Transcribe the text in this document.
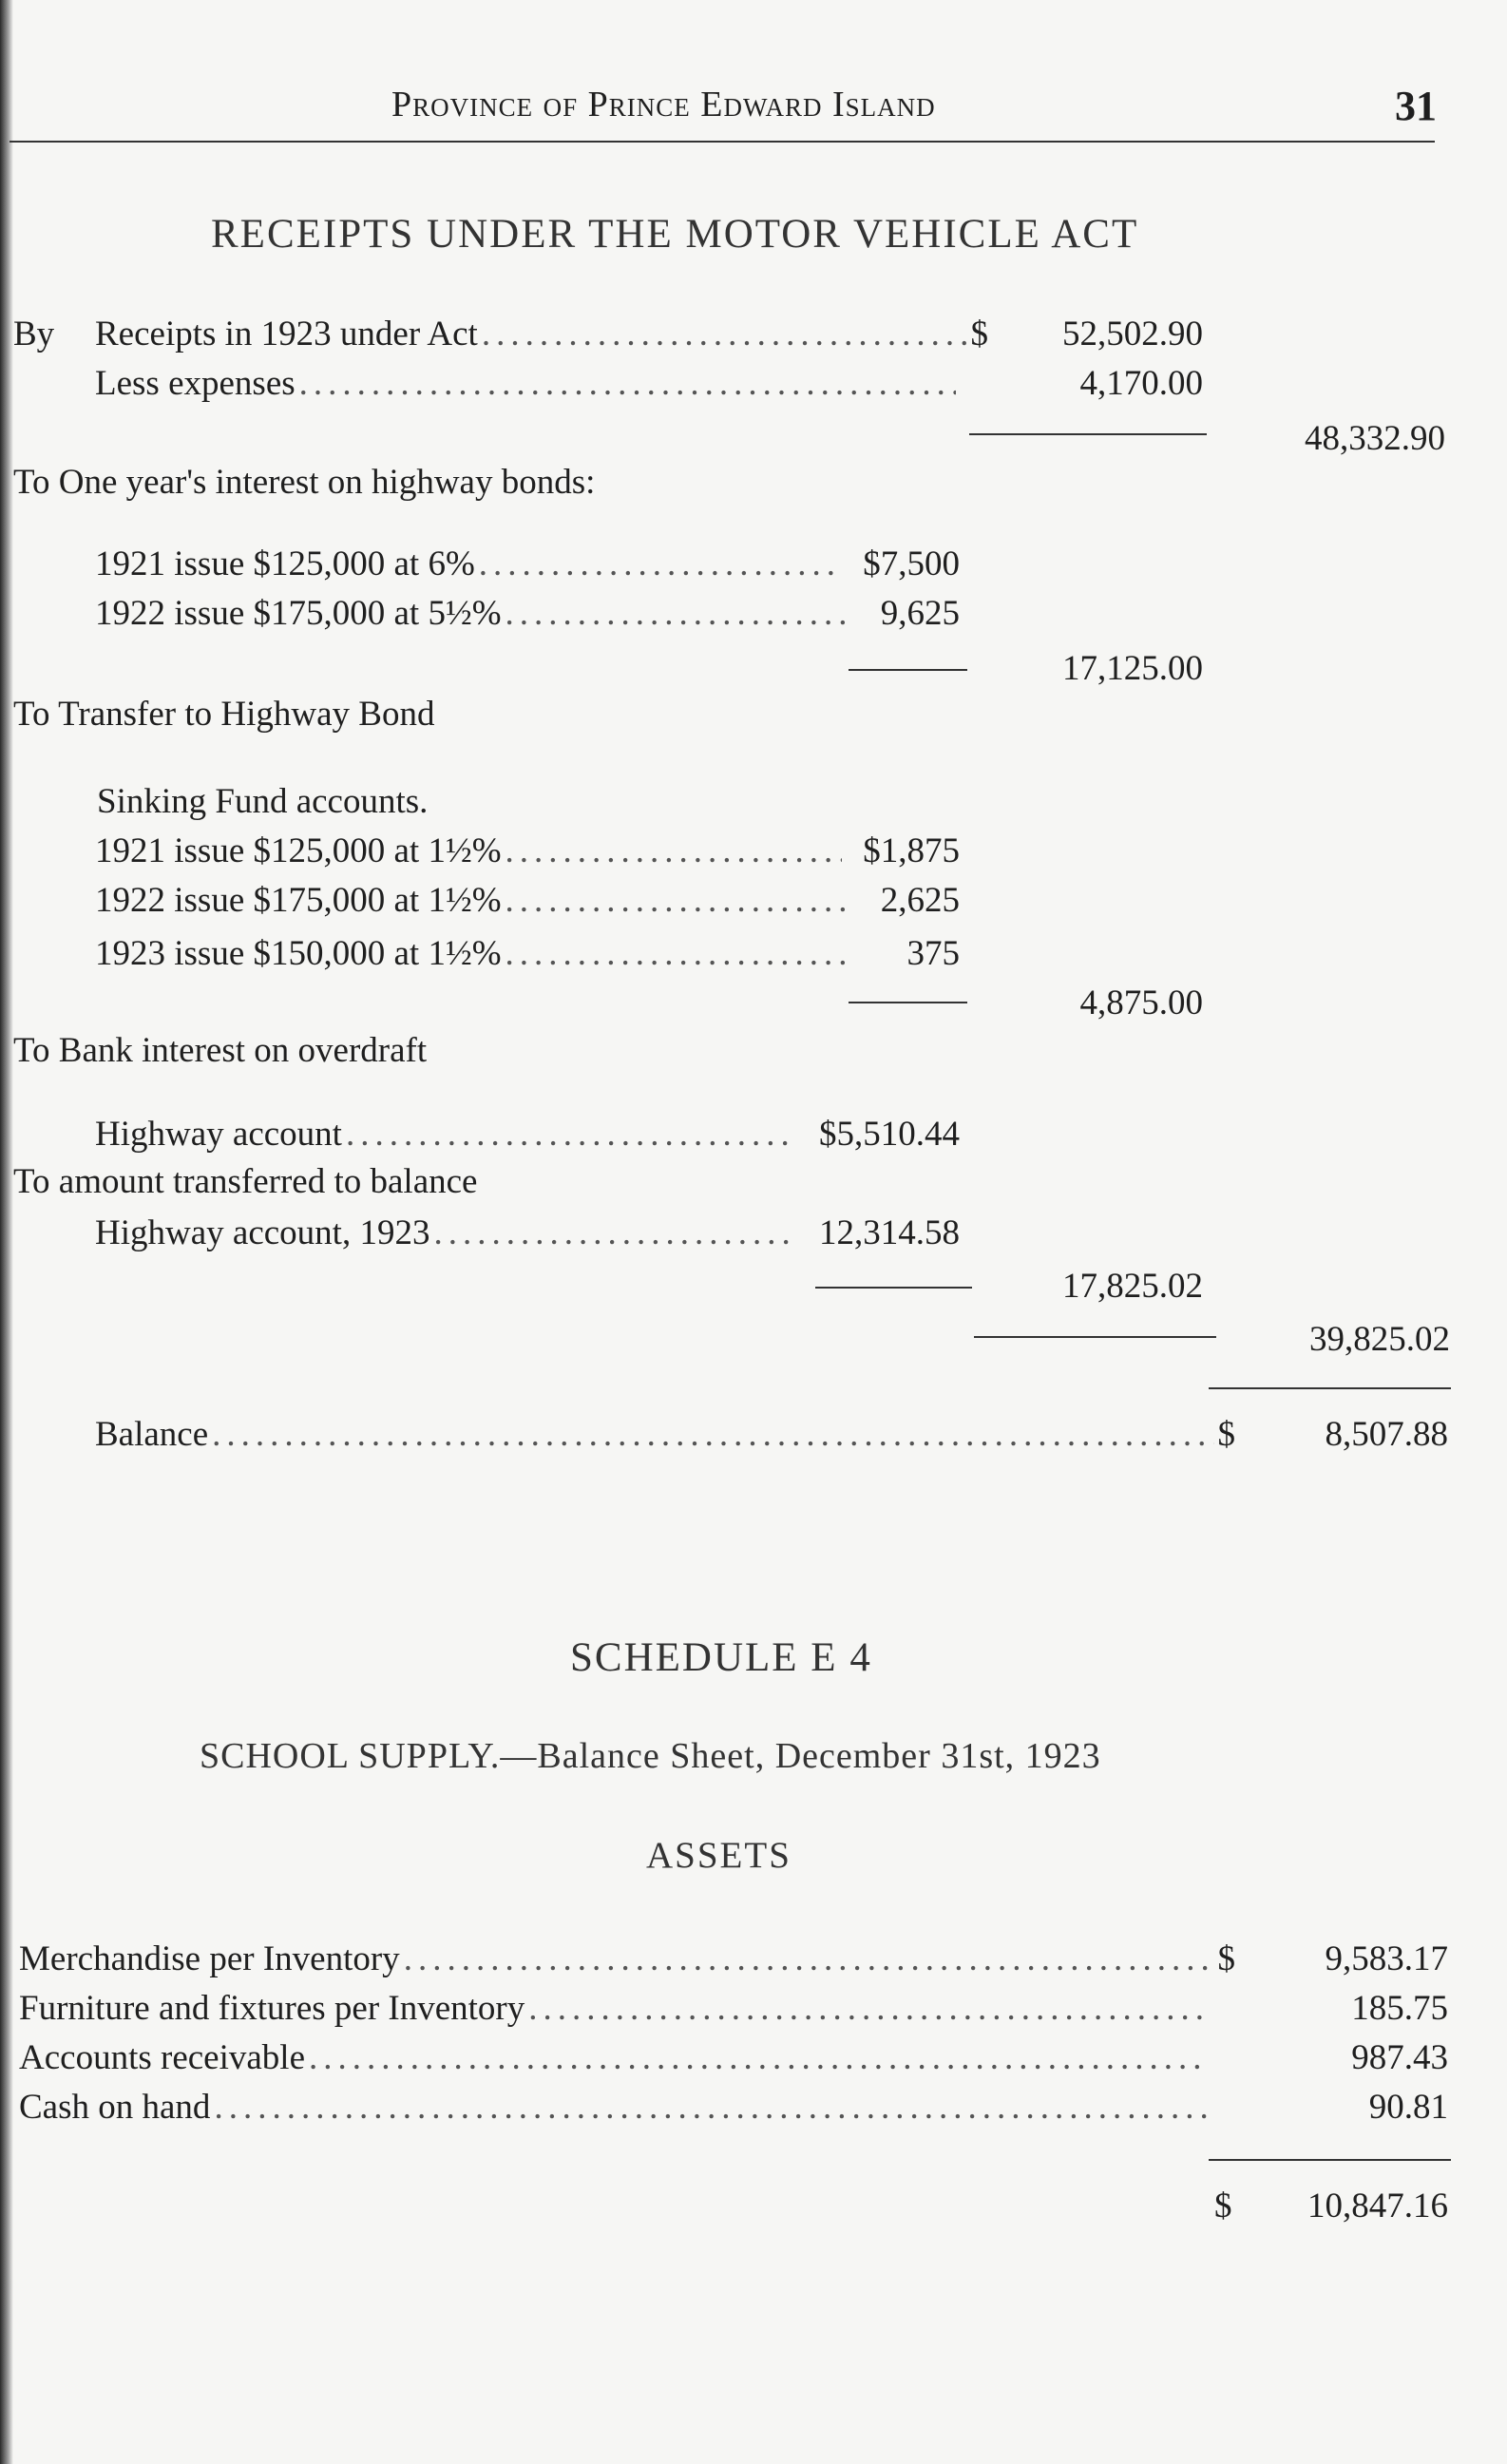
Province of Prince Edward Island	31
RECEIPTS UNDER THE MOTOR VEHICLE ACT
By Receipts in 1923 under Act .....	$ 52,502.90
Less expenses .....	4,170.00
48,332.90
To One year's interest on highway bonds:
1921 issue $125,000 at 6% .....	$7,500
1922 issue $175,000 at 5½% .....	9,625
17,125.00
To Transfer to Highway Bond
Sinking Fund accounts.
1921 issue $125,000 at 1½% .....	$1,875
1922 issue $175,000 at 1½% .....	2,625
1923 issue $150,000 at 1½% .....	375
4,875.00
To Bank interest on overdraft
Highway account .....	$5,510.44
To amount transferred to balance
Highway account, 1923 .....	12,314.58
17,825.02
39,825.02
Balance .....	$	8,507.88
SCHEDULE E 4
SCHOOL SUPPLY.—Balance Sheet, December 31st, 1923
ASSETS
Merchandise per Inventory .....	$	9,583.17
Furniture and fixtures per Inventory .....	185.75
Accounts receivable .....	987.43
Cash on hand .....	90.81
$ 10,847.16
